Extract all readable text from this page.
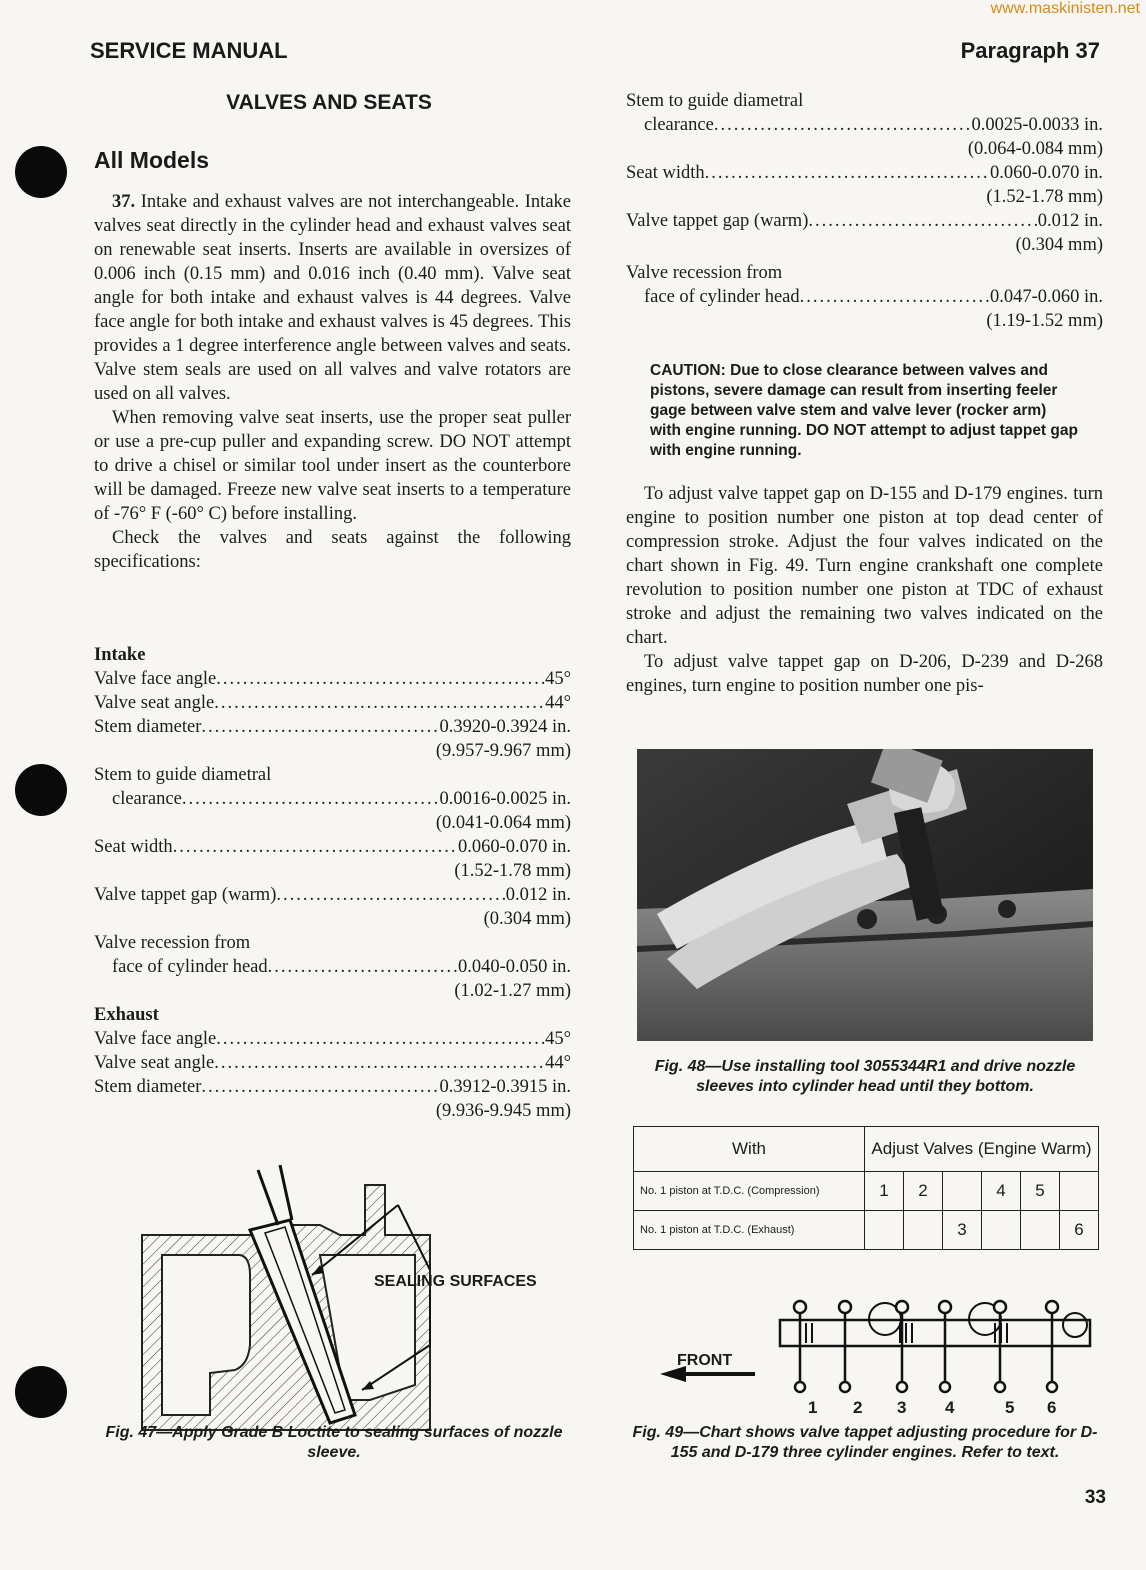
www.maskinisten.net
SERVICE MANUAL	Paragraph 37
VALVES AND SEATS
All Models

37. Intake and exhaust valves are not interchangeable. Intake valves seat directly in the cylinder head and exhaust valves seat on renewable seat inserts. Inserts are available in oversizes of 0.006 inch (0.15 mm) and 0.016 inch (0.40 mm). Valve seat angle for both intake and exhaust valves is 44 degrees. Valve face angle for both intake and exhaust valves is 45 degrees. This provides a 1 degree interference angle between valves and seats. Valve stem seals are used on all valves and valve rotators are used on all valves.

When removing valve seat inserts, use the proper seat puller or use a pre-cup puller and expanding screw. DO NOT attempt to drive a chisel or similar tool under insert as the counterbore will be damaged. Freeze new valve seat inserts to a temperature of -76° F (-60° C) before installing.

Check the valves and seats against the following specifications:

Intake
Valve face angle .....	45°
Valve seat angle .....	44°
Stem diameter .....	0.3920-0.3924 in.
(9.957-9.967 mm)
Stem to guide diametral
clearance .....	0.0016-0.0025 in.
(0.041-0.064 mm)
Seat width .....	0.060-0.070 in.
(1.52-1.78 mm)
Valve tappet gap (warm) .....	0.012 in.
(0.304 mm)
Valve recession from
face of cylinder head .....	0.040-0.050 in.
(1.02-1.27 mm)
Exhaust
Valve face angle .....	45°
Valve seat angle .....	44°
Stem diameter .....	0.3912-0.3915 in.
(9.936-9.945 mm)
SEALING SURFACES
Fig. 47—Apply Grade B Loctite to sealing surfaces of nozzle sleeve.
Stem to guide diametral
clearance .....	0.0025-0.0033 in.
(0.064-0.084 mm)
Seat width .....	0.060-0.070 in.
(1.52-1.78 mm)
Valve tappet gap (warm) .....	0.012 in.
(0.304 mm)
Valve recession from
face of cylinder head .....	0.047-0.060 in.
(1.19-1.52 mm)
CAUTION: Due to close clearance between valves and pistons, severe damage can result from inserting feeler gage between valve stem and valve lever (rocker arm) with engine running. DO NOT attempt to adjust tappet gap with engine running.

To adjust valve tappet gap on D-155 and D-179 engines. turn engine to position number one piston at top dead center of compression stroke. Adjust the four valves indicated on the chart shown in Fig. 49. Turn engine crankshaft one complete revolution to position number one piston at TDC of exhaust stroke and adjust the remaining two valves indicated on the chart.

To adjust valve tappet gap on D-206, D-239 and D-268 engines, turn engine to position number one pis-

Fig. 48—Use installing tool 3055344R1 and drive nozzle sleeves into cylinder head until they bottom.
With	Adjust Valves (Engine Warm)					
No. 1 piston at T.D.C. (Compression)	1	2		4	5	
No. 1 piston at T.D.C. (Exhaust)			3			6
FRONT
1	2	3	4	5	6
Fig. 49—Chart shows valve tappet adjusting procedure for D-155 and D-179 three cylinder engines. Refer to text.
33
